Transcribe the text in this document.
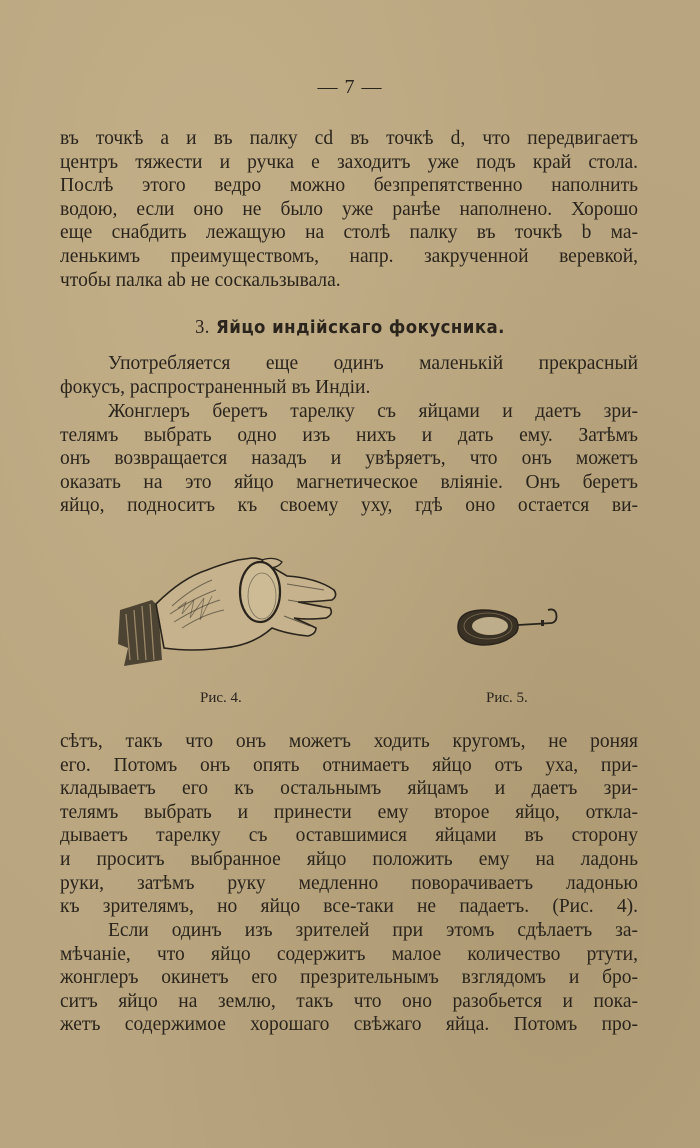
— 7 —
въ точкѣ a и въ палку cd въ точкѣ d, что передвигаетъ
центръ тяжести и ручка e заходитъ уже подъ край стола.
Послѣ этого ведро можно безпрепятственно наполнить
водою, если оно не было уже ранѣе наполнено. Хорошо
еще снабдить лежащую на столѣ палку въ точкѣ b ма-
ленькимъ преимуществомъ, напр. закрученной веревкой,
чтобы палка ab не соскальзывала.
3. Яйцо индійскаго фокусника.
Употребляется еще одинъ маленькій прекрасный
фокусъ, распространенный въ Индіи.
Жонглеръ беретъ тарелку съ яйцами и даетъ зри-
телямъ выбрать одно изъ нихъ и дать ему. Затѣмъ
онъ возвращается назадъ и увѣряетъ, что онъ можетъ
оказать на это яйцо магнетическое вліяніе. Онъ беретъ
яйцо, подноситъ къ своему уху, гдѣ оно остается ви-
Рис. 4.	Рис. 5.
сѣтъ, такъ что онъ можетъ ходить кругомъ, не роняя
его. Потомъ онъ опять отнимаетъ яйцо отъ уха, при-
кладываетъ его къ остальнымъ яйцамъ и даетъ зри-
телямъ выбрать и принести ему второе яйцо, откла-
дываетъ тарелку съ оставшимися яйцами въ сторону
и проситъ выбранное яйцо положить ему на ладонь
руки, затѣмъ руку медленно поворачиваетъ ладонью
къ зрителямъ, но яйцо все-таки не падаетъ. (Рис. 4).
Если одинъ изъ зрителей при этомъ сдѣлаетъ за-
мѣчаніе, что яйцо содержитъ малое количество ртути,
жонглеръ окинетъ его презрительнымъ взглядомъ и бро-
ситъ яйцо на землю, такъ что оно разобьется и пока-
жетъ содержимое хорошаго свѣжаго яйца. Потомъ про-
